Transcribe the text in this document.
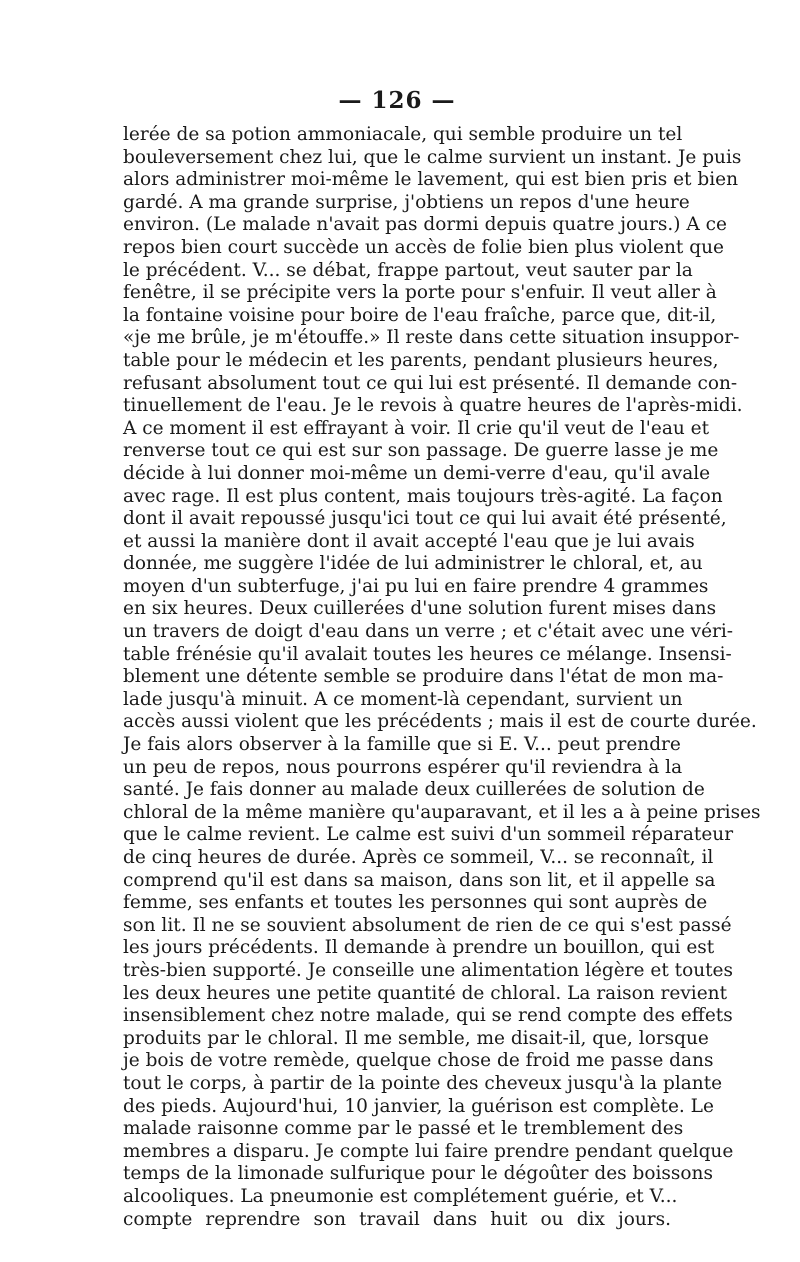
— 126 —
lerée de sa potion ammoniacale, qui semble produire un tel
bouleversement chez lui, que le calme survient un instant. Je puis
alors administrer moi-même le lavement, qui est bien pris et bien
gardé. A ma grande surprise, j'obtiens un repos d'une heure
environ. (Le malade n'avait pas dormi depuis quatre jours.) A ce
repos bien court succède un accès de folie bien plus violent que
le précédent. V... se débat, frappe partout, veut sauter par la
fenêtre, il se précipite vers la porte pour s'enfuir. Il veut aller à
la fontaine voisine pour boire de l'eau fraîche, parce que, dit-il,
«je me brûle, je m'étouffe.» Il reste dans cette situation insuppor-
table pour le médecin et les parents, pendant plusieurs heures,
refusant absolument tout ce qui lui est présenté. Il demande con-
tinuellement de l'eau. Je le revois à quatre heures de l'après-midi.
A ce moment il est effrayant à voir. Il crie qu'il veut de l'eau et
renverse tout ce qui est sur son passage. De guerre lasse je me
décide à lui donner moi-même un demi-verre d'eau, qu'il avale
avec rage. Il est plus content, mais toujours très-agité. La façon
dont il avait repoussé jusqu'ici tout ce qui lui avait été présenté,
et aussi la manière dont il avait accepté l'eau que je lui avais
donnée, me suggère l'idée de lui administrer le chloral, et, au
moyen d'un subterfuge, j'ai pu lui en faire prendre 4 grammes
en six heures. Deux cuillerées d'une solution furent mises dans
un travers de doigt d'eau dans un verre ; et c'était avec une véri-
table frénésie qu'il avalait toutes les heures ce mélange. Insensi-
blement une détente semble se produire dans l'état de mon ma-
lade jusqu'à minuit. A ce moment-là cependant, survient un
accès aussi violent que les précédents ; mais il est de courte durée.
Je fais alors observer à la famille que si E. V... peut prendre
un peu de repos, nous pourrons espérer qu'il reviendra à la
santé. Je fais donner au malade deux cuillerées de solution de
chloral de la même manière qu'auparavant, et il les a à peine prises
que le calme revient. Le calme est suivi d'un sommeil réparateur
de cinq heures de durée. Après ce sommeil, V... se reconnaît, il
comprend qu'il est dans sa maison, dans son lit, et il appelle sa
femme, ses enfants et toutes les personnes qui sont auprès de
son lit. Il ne se souvient absolument de rien de ce qui s'est passé
les jours précédents. Il demande à prendre un bouillon, qui est
très-bien supporté. Je conseille une alimentation légère et toutes
les deux heures une petite quantité de chloral. La raison revient
insensiblement chez notre malade, qui se rend compte des effets
produits par le chloral. Il me semble, me disait-il, que, lorsque
je bois de votre remède, quelque chose de froid me passe dans
tout le corps, à partir de la pointe des cheveux jusqu'à la plante
des pieds. Aujourd'hui, 10 janvier, la guérison est complète. Le
malade raisonne comme par le passé et le tremblement des
membres a disparu. Je compte lui faire prendre pendant quelque
temps de la limonade sulfurique pour le dégoûter des boissons
alcooliques. La pneumonie est complétement guérie, et V...
compte reprendre son travail dans huit ou dix jours.
